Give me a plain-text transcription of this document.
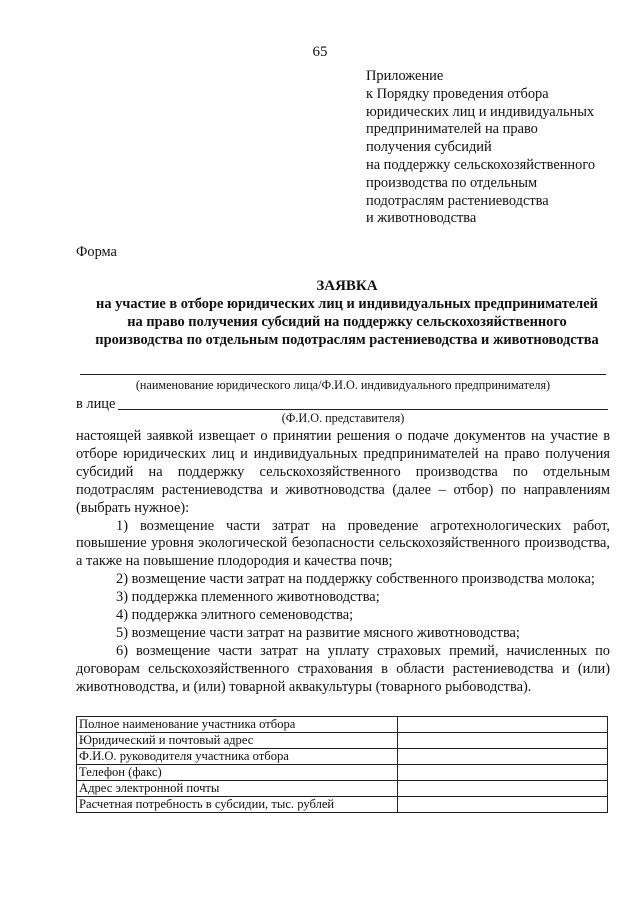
65
Приложение
к Порядку проведения отбора
юридических лиц и индивидуальных
предпринимателей на право
получения субсидий
на поддержку сельскохозяйственного
производства по отдельным
подотраслям растениеводства
и животноводства
Форма
ЗАЯВКА
на участие в отборе юридических лиц и индивидуальных предпринимателей
на право получения субсидий на поддержку сельскохозяйственного
производства по отдельным подотраслям растениеводства и животноводства
(наименование юридического лица/Ф.И.О. индивидуального предпринимателя)
в лице
(Ф.И.О. представителя)

настоящей заявкой извещает о принятии решения о подаче документов на участие в отборе юридических лиц и индивидуальных предпринимателей на право получения субсидий на поддержку сельскохозяйственного производства по отдельным подотраслям растениеводства и животноводства (далее – отбор) по направлениям (выбрать нужное):

1) возмещение части затрат на проведение агротехнологических работ, повышение уровня экологической безопасности сельскохозяйственного производства, а также на повышение плодородия и качества почв;

2) возмещение части затрат на поддержку собственного производства молока;

3) поддержка племенного животноводства;

4) поддержка элитного семеноводства;

5) возмещение части затрат на развитие мясного животноводства;

6) возмещение части затрат на уплату страховых премий, начисленных по договорам сельскохозяйственного страхования в области растениеводства и (или) животноводства, и (или) товарной аквакультуры (товарного рыбоводства).

Полное наименование участника отбора	
Юридический и почтовый адрес	
Ф.И.О. руководителя участника отбора	
Телефон (факс)	
Адрес электронной почты	
Расчетная потребность в субсидии, тыс. рублей	
